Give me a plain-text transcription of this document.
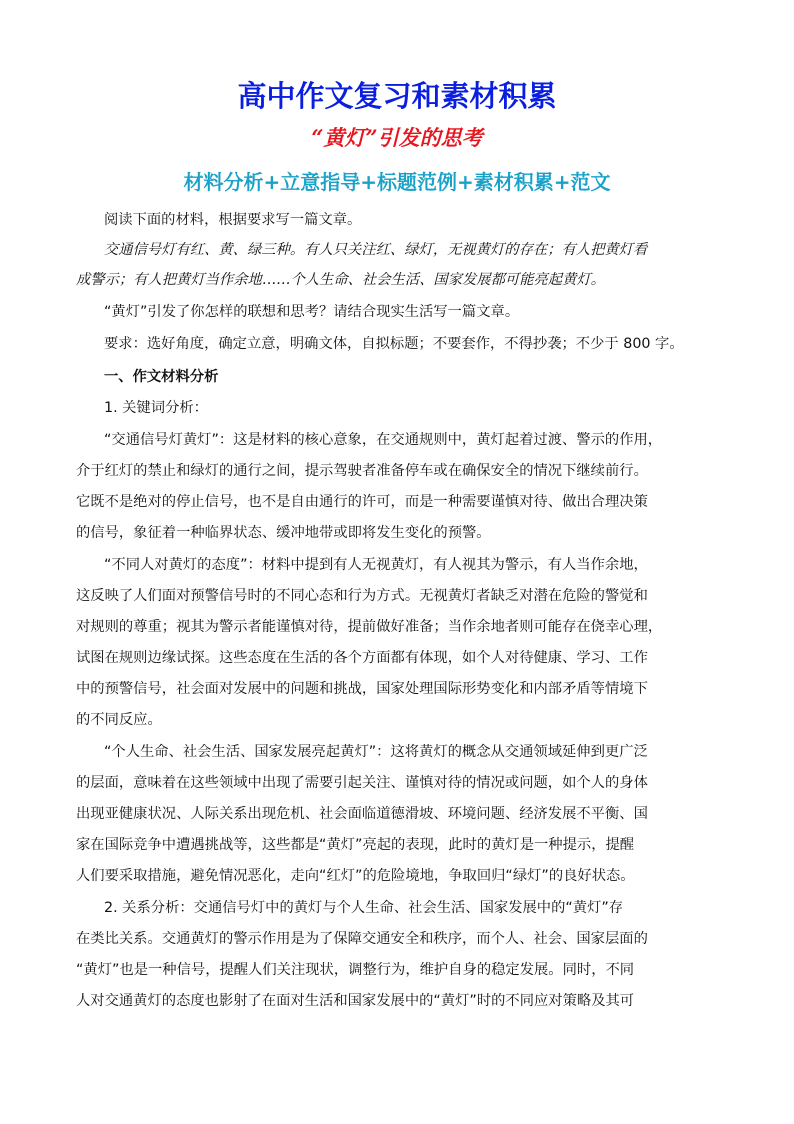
高中作文复习和素材积累
“黄灯”引发的思考
材料分析+立意指导+标题范例+素材积累+范文
阅读下面的材料，根据要求写一篇文章。
交通信号灯有红、黄、绿三种。有人只关注红、绿灯，无视黄灯的存在；有人把黄灯看
成警示；有人把黄灯当作余地……个人生命、社会生活、国家发展都可能亮起黄灯。
“黄灯”引发了你怎样的联想和思考？请结合现实生活写一篇文章。
要求：选好角度，确定立意，明确文体，自拟标题；不要套作，不得抄袭；不少于 800 字。
一、作文材料分析
1. 关键词分析：
“交通信号灯黄灯”：这是材料的核心意象，在交通规则中，黄灯起着过渡、警示的作用，
介于红灯的禁止和绿灯的通行之间，提示驾驶者准备停车或在确保安全的情况下继续前行。
它既不是绝对的停止信号，也不是自由通行的许可，而是一种需要谨慎对待、做出合理决策
的信号，象征着一种临界状态、缓冲地带或即将发生变化的预警。
“不同人对黄灯的态度”：材料中提到有人无视黄灯，有人视其为警示，有人当作余地，
这反映了人们面对预警信号时的不同心态和行为方式。无视黄灯者缺乏对潜在危险的警觉和
对规则的尊重；视其为警示者能谨慎对待，提前做好准备；当作余地者则可能存在侥幸心理，
试图在规则边缘试探。这些态度在生活的各个方面都有体现，如个人对待健康、学习、工作
中的预警信号，社会面对发展中的问题和挑战，国家处理国际形势变化和内部矛盾等情境下
的不同反应。
“个人生命、社会生活、国家发展亮起黄灯”：这将黄灯的概念从交通领域延伸到更广泛
的层面，意味着在这些领域中出现了需要引起关注、谨慎对待的情况或问题，如个人的身体
出现亚健康状况、人际关系出现危机、社会面临道德滑坡、环境问题、经济发展不平衡、国
家在国际竞争中遭遇挑战等，这些都是“黄灯”亮起的表现，此时的黄灯是一种提示，提醒
人们要采取措施，避免情况恶化，走向“红灯”的危险境地，争取回归“绿灯”的良好状态。
2. 关系分析：交通信号灯中的黄灯与个人生命、社会生活、国家发展中的“黄灯”存
在类比关系。交通黄灯的警示作用是为了保障交通安全和秩序，而个人、社会、国家层面的
“黄灯”也是一种信号，提醒人们关注现状，调整行为，维护自身的稳定发展。同时，不同
人对交通黄灯的态度也影射了在面对生活和国家发展中的“黄灯”时的不同应对策略及其可
